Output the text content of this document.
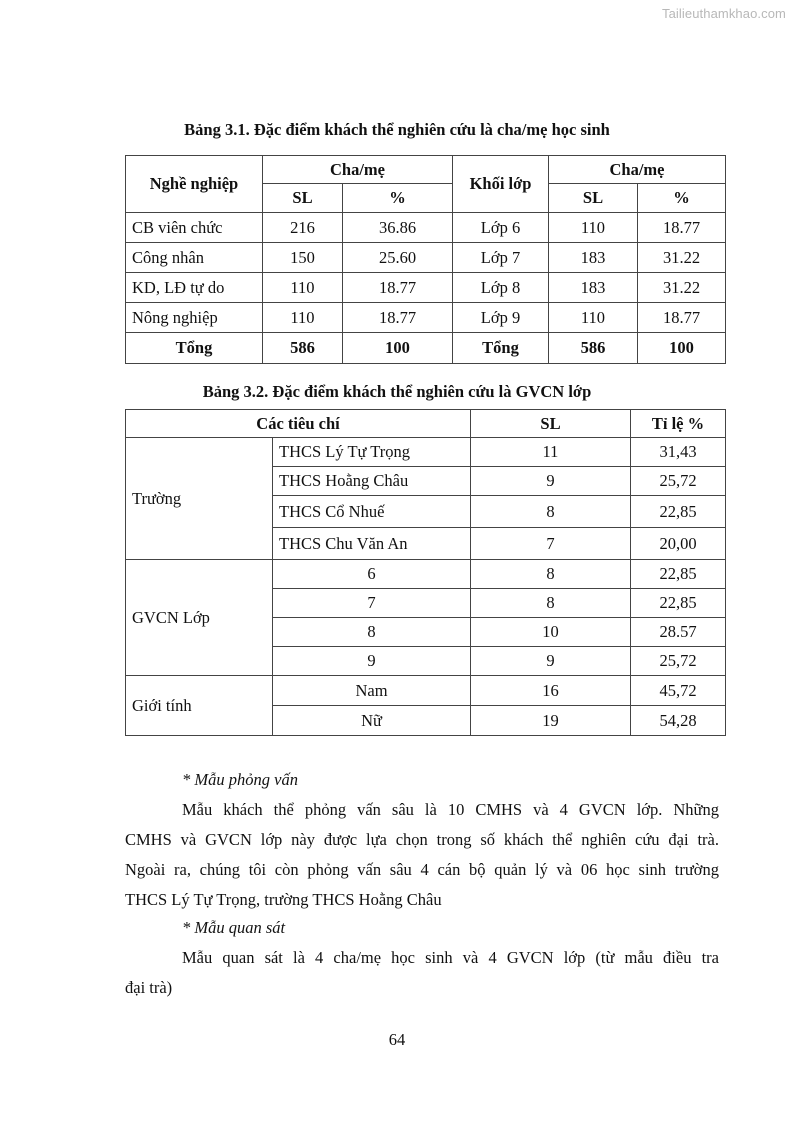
Tailieuthamkhao.com
Bảng 3.1. Đặc điểm khách thể nghiên cứu là cha/mẹ học sinh
Nghề nghiệp	Cha/mẹ		Khối lớp	Cha/mẹ	
	SL	%		SL	%
CB viên chức	216	36.86	Lớp 6	110	18.77
Công nhân	150	25.60	Lớp 7	183	31.22
KD, LĐ tự do	110	18.77	Lớp 8	183	31.22
Nông nghiệp	110	18.77	Lớp 9	110	18.77
Tổng	586	100	Tổng	586	100
Bảng 3.2. Đặc điểm khách thể nghiên cứu là GVCN lớp
Các tiêu chí		SL	Tỉ lệ %
Trường	THCS Lý Tự Trọng	11	31,43
	THCS Hoằng Châu	9	25,72
	THCS Cổ Nhuế	8	22,85
	THCS Chu Văn An	7	20,00
GVCN Lớp	6	8	22,85
	7	8	22,85
	8	10	28.57
	9	9	25,72
Giới tính	Nam	16	45,72
	Nữ	19	54,28
* Mẫu phỏng vấn
Mẫu khách thể phỏng vấn sâu là 10 CMHS và 4 GVCN lớp. Những
CMHS và GVCN lớp này được lựa chọn trong số khách thể nghiên cứu đại trà.
Ngoài ra, chúng tôi còn phỏng vấn sâu 4 cán bộ quản lý và 06 học sinh trường
THCS Lý Tự Trọng, trường THCS Hoằng Châu
* Mẫu quan sát
Mẫu quan sát là 4 cha/mẹ học sinh và 4 GVCN lớp (từ mẫu điều tra
đại trà)
64
